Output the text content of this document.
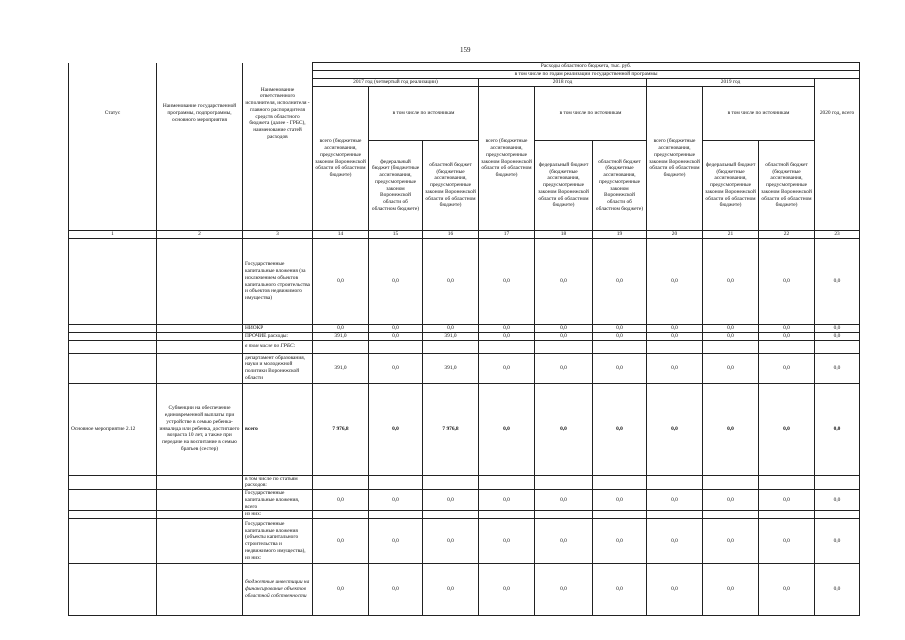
159
			Расходы областного бюджета, тыс. руб.									
			в том числе по годам реализации государственной программы									
			2017 год (четвертый год реализации)			2018 год			2019 год			
Статус	Наименование государственной программы, подпрограммы, основного мероприятия	Наименование ответственного исполнителя, исполнителя - главного распорядителя средств областного бюджета (далее - ГРБС), наименование статей расходов	всего (бюджетные ассигнования, предусмотренные законом Воронежской области об областном бюджете)	в том числе по источникам		всего (бюджетные ассигнования, предусмотренные законом Воронежской области об областном бюджете)	в том числе по источникам		всего (бюджетные ассигнования, предусмотренные законом Воронежской области об областном бюджете)	в том числе по источникам		2020 год, всего
				федеральный бюджет (бюджетные ассигнования, предусмотренные законом Воронежской области об областном бюджете)	областной бюджет (бюджетные ассигнования, предусмотренные законом Воронежской области об областном бюджете)		федеральный бюджет (бюджетные ассигнования, предусмотренные законом Воронежской области об областном бюджете)	областной бюджет (бюджетные ассигнования, предусмотренные законом Воронежской области об областном бюджете)		федеральный бюджет (бюджетные ассигнования, предусмотренные законом Воронежской области об областном бюджете)	областной бюджет (бюджетные ассигнования, предусмотренные законом Воронежской области об областном бюджете)	
1	2	3	14	15	16	17	18	19	20	21	22	23
		Государственные капитальные вложения (за исключением объектов капитального строительства и объектов недвижимого имущества)	0,0	0,0	0,0	0,0	0,0	0,0	0,0	0,0	0,0	0,0
		НИОКР	0,0	0,0	0,0	0,0	0,0	0,0	0,0	0,0	0,0	0,0
		ПРОЧИЕ расходы:	391,0	0,0	391,0	0,0	0,0	0,0	0,0	0,0	0,0	0,0
		в том числе по ГРБС:										
		департамент образования, науки и молодежной политики Воронежской области	391,0	0,0	391,0	0,0	0,0	0,0	0,0	0,0	0,0	0,0
Основное мероприятие 2.12	Субвенции на обеспечение единовременной выплаты при устройстве в семью ребенка-инвалида или ребенка, достигшего возраста 10 лет, а также при передаче на воспитание в семью братьев (сестер)	всего	7 976,8	0,0	7 976,8	0,0	0,0	0,0	0,0	0,0	0,0	0,0
		в том числе по статьям расходов:										
		Государственные капитальные вложения, всего	0,0	0,0	0,0	0,0	0,0	0,0	0,0	0,0	0,0	0,0
		из них:										
		Государственные капитальные вложения (объекты капитального строительства и недвижимого имущества), из них:	0,0	0,0	0,0	0,0	0,0	0,0	0,0	0,0	0,0	0,0
		бюджетные инвестиции на финансирование объектов областной собственности	0,0	0,0	0,0	0,0	0,0	0,0	0,0	0,0	0,0	0,0
